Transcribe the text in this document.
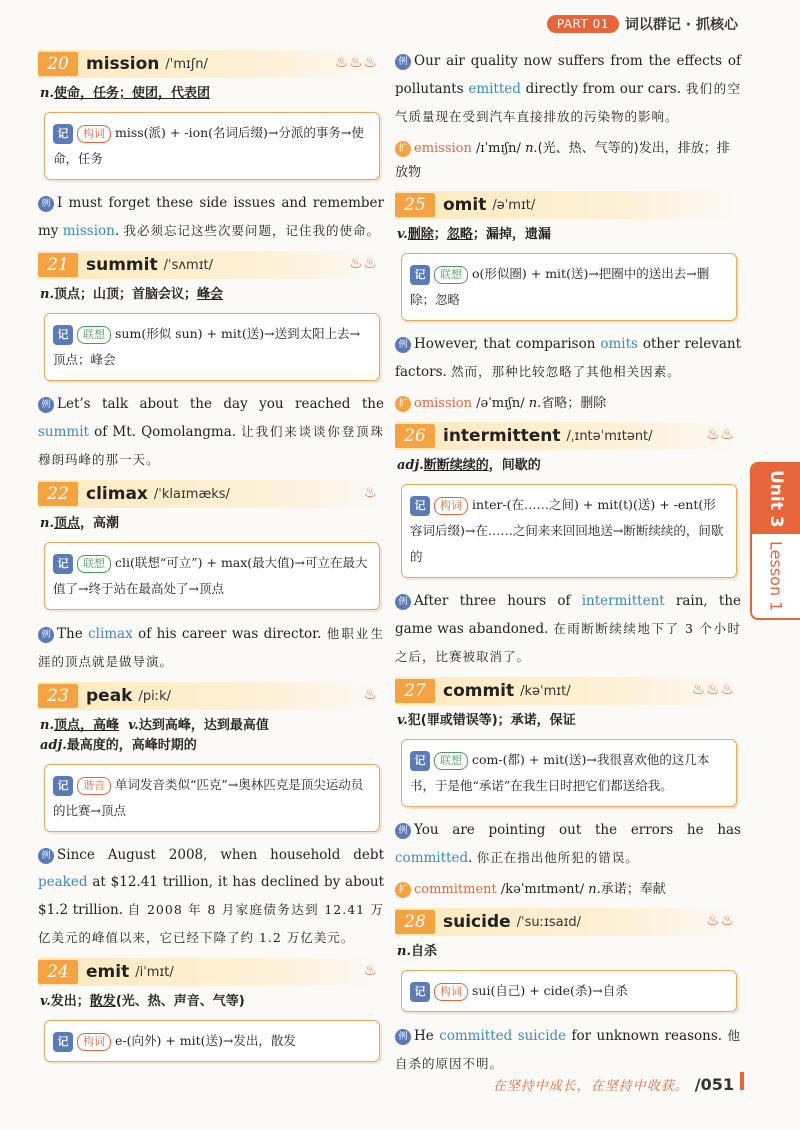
PART 01	词以群记 · 抓核心
20	mission /ˈmɪʃn/	♨♨♨
n.使命，任务；使团，代表团
记 构词 miss(派) + -ion(名词后缀)→分派的事务→使命，任务
例 I must forget these side issues and remember my mission. 我必须忘记这些次要问题，记住我的使命。
21	summit /ˈsʌmɪt/	♨♨
n.顶点；山顶；首脑会议；峰会
记 联想 sum(形似 sun) + mit(送)→送到太阳上去→顶点；峰会
例 Let’s talk about the day you reached the summit of Mt. Qomolangma. 让我们来谈谈你登顶珠穆朗玛峰的那一天。
22	climax /ˈklaɪmæks/	♨
n.顶点，高潮
记 联想 cli(联想“可立”) + max(最大值)→可立在最大值了→终于站在最高处了→顶点
例 The climax of his career was director. 他职业生涯的顶点就是做导演。
23	peak /piːk/	♨
n.顶点，高峰 v.达到高峰，达到最高值
adj.最高度的，高峰时期的
记 谐音 单词发音类似“匹克”→奥林匹克是顶尖运动员的比赛→顶点
例 Since August 2008, when household debt peaked at $12.41 trillion, it has declined by about $1.2 trillion. 自 2008 年 8 月家庭债务达到 12.41 万亿美元的峰值以来，它已经下降了约 1.2 万亿美元。
24	emit /iˈmɪt/	♨
v.发出；散发(光、热、声音、气等)
记 构词 e-(向外) + mit(送)→发出，散发
例 Our air quality now suffers from the effects of pollutants emitted directly from our cars. 我们的空气质量现在受到汽车直接排放的污染物的影响。
扩 emission /ɪˈmɪʃn/ n.(光、热、气等的)发出，排放；排放物
25	omit /əˈmɪt/
v.删除；忽略；漏掉，遗漏
记 联想 o(形似圈) + mit(送)→把圈中的送出去→删除；忽略
例 However, that comparison omits other relevant factors. 然而，那种比较忽略了其他相关因素。
扩 omission /əˈmɪʃn/ n.省略；删除
26	intermittent /ˌɪntəˈmɪtənt/	♨♨
adj.断断续续的，间歇的
记 构词 inter-(在……之间) + mit(t)(送) + -ent(形容词后缀)→在……之间来来回回地送→断断续续的，间歇的
例 After three hours of intermittent rain, the game was abandoned. 在雨断断续续地下了 3 个小时之后，比赛被取消了。
27	commit /kəˈmɪt/	♨♨♨
v.犯(罪或错误等)；承诺，保证
记 联想 com-(都) + mit(送)→我很喜欢他的这几本书，于是他“承诺”在我生日时把它们都送给我。
例 You are pointing out the errors he has committed. 你正在指出他所犯的错误。
扩 commitment /kəˈmɪtmənt/ n.承诺；奉献
28	suicide /ˈsuːɪsaɪd/	♨♨
n.自杀
记 构词 sui(自己) + cide(杀)→自杀
例 He committed suicide for unknown reasons. 他自杀的原因不明。
Unit 3
Lesson 1
在坚持中成长，在坚持中收获。 /051
